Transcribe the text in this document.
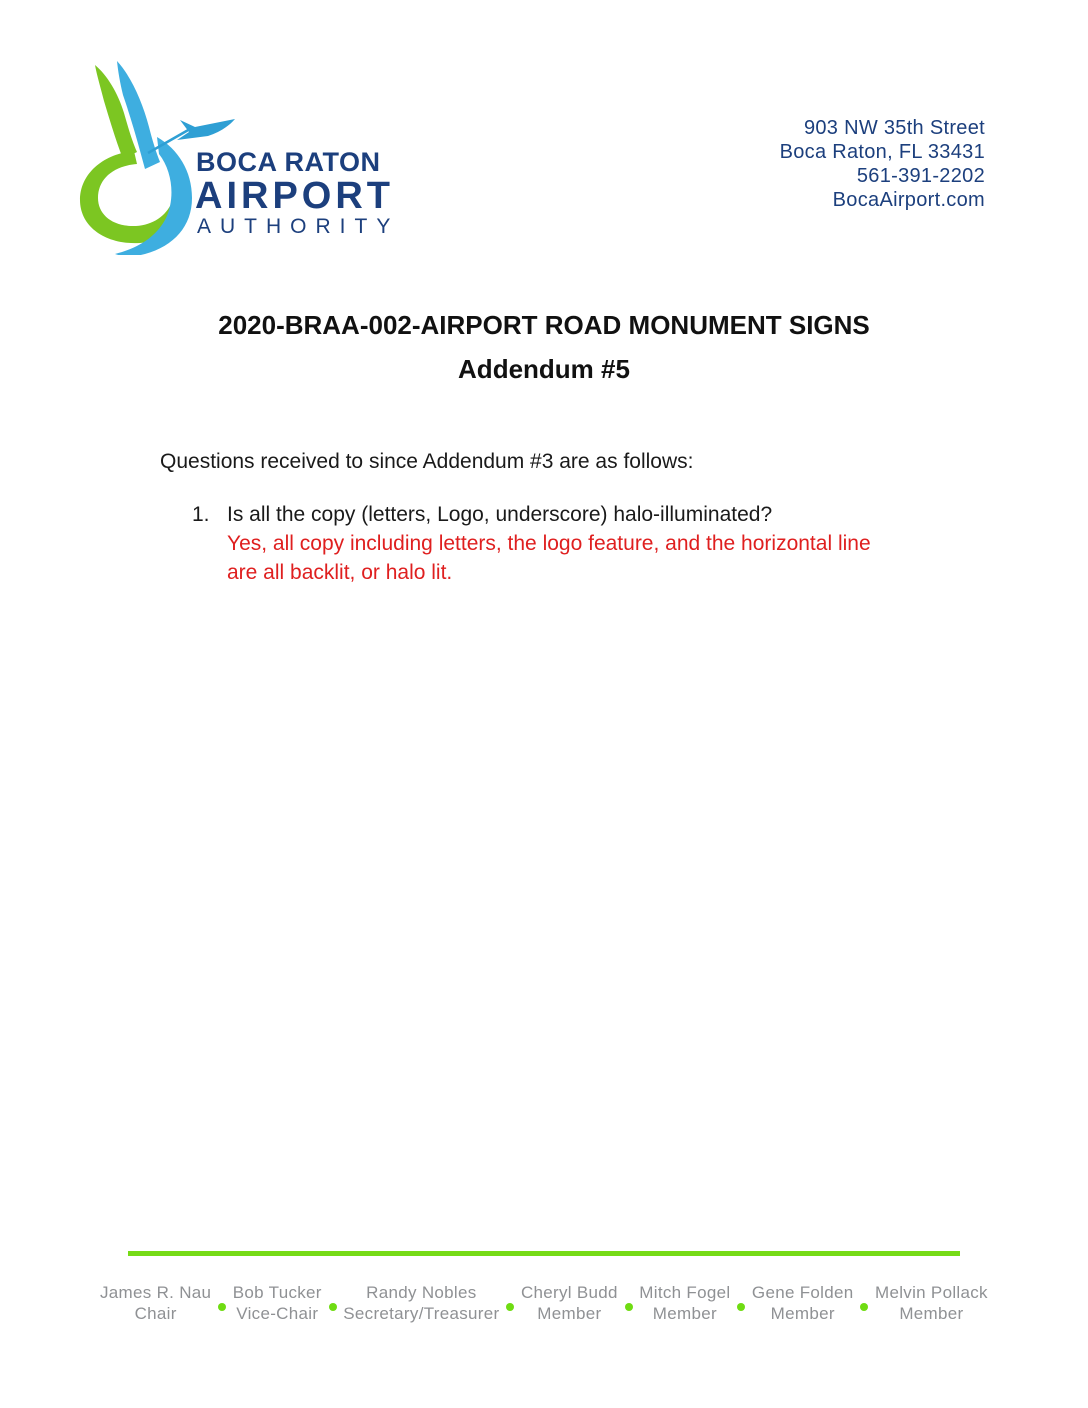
BOCA RATON
AIRPORT
AUTHORITY
903 NW 35th Street
Boca Raton, FL 33431
561-391-2202
BocaAirport.com
2020-BRAA-002-AIRPORT ROAD MONUMENT SIGNS
Addendum #5
Questions received to since Addendum #3 are as follows:
1. Is all the copy (letters, Logo, underscore) halo-illuminated?
Yes, all copy including letters, the logo feature, and the horizontal line are all backlit, or halo lit.
James R. Nau
Chair
Bob Tucker
Vice-Chair
Randy Nobles
Secretary/Treasurer
Cheryl Budd
Member
Mitch Fogel
Member
Gene Folden
Member
Melvin Pollack
Member
